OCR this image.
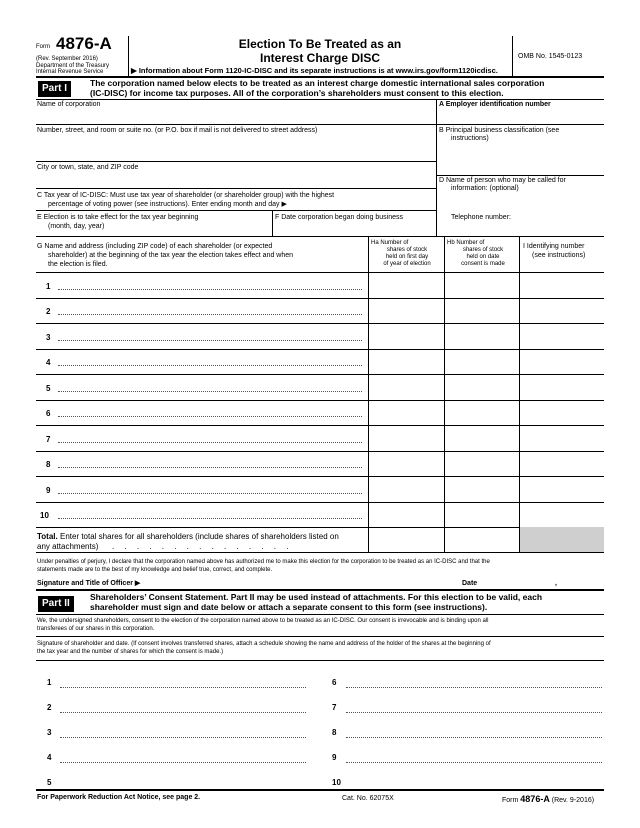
Form 4876-A
(Rev. September 2016)
Department of the Treasury
Internal Revenue Service
Election To Be Treated as an
Interest Charge DISC
▶ Information about Form 1120-IC-DISC and its separate instructions is at www.irs.gov/form1120icdisc.
OMB No. 1545-0123
Part I	The corporation named below elects to be treated as an interest charge domestic international sales corporation
(IC-DISC) for income tax purposes. All of the corporation’s shareholders must consent to this election.
Name of corporation	A Employer identification number
Number, street, and room or suite no. (or P.O. box if mail is not delivered to street address)	B Principal business classification (see
instructions)
City or town, state, and ZIP code
D Name of person who may be called for
information: (optional)
C Tax year of IC-DISC: Must use tax year of shareholder (or shareholder group) with the highest
percentage of voting power (see instructions). Enter ending month and day ▶
E Election is to take effect for the tax year beginning
(month, day, year)
F Date corporation began doing business	Telephone number:
G Name and address (including ZIP code) of each shareholder (or expected
shareholder) at the beginning of the tax year the election takes effect and when
the election is filed.
Ha Number of
shares of stock
held on first day
of year of election
Hb Number of
shares of stock
held on date
consent is made
I Identifying number
(see instructions)
1
2
3
4
5
6
7
8
9
10
Total. Enter total shares for all shareholders (include shares of shareholders listed on
any attachments) . . . . . . . . . . . . . . .
Under penalties of perjury, I declare that the corporation named above has authorized me to make this election for the corporation to be treated as an IC-DISC and that the
statements made are to the best of my knowledge and belief true, correct, and complete.
Signature and Title of Officer ▶	Date	,
Part II
Shareholders’ Consent Statement. Part II may be used instead of attachments. For this election to be valid, each
shareholder must sign and date below or attach a separate consent to this form (see instructions).
We, the undersigned shareholders, consent to the election of the corporation named above to be treated as an IC-DISC. Our consent is irrevocable and is binding upon all
transferees of our shares in this corporation.
Signature of shareholder and date. (If consent involves transferred shares, attach a schedule showing the name and address of the holder of the shares at the beginning of
the tax year and the number of shares for which the consent is made.)
1
2
3
4
5
6
7
8
9
10
For Paperwork Reduction Act Notice, see page 2.	Cat. No. 62075X	Form 4876-A (Rev. 9-2016)
